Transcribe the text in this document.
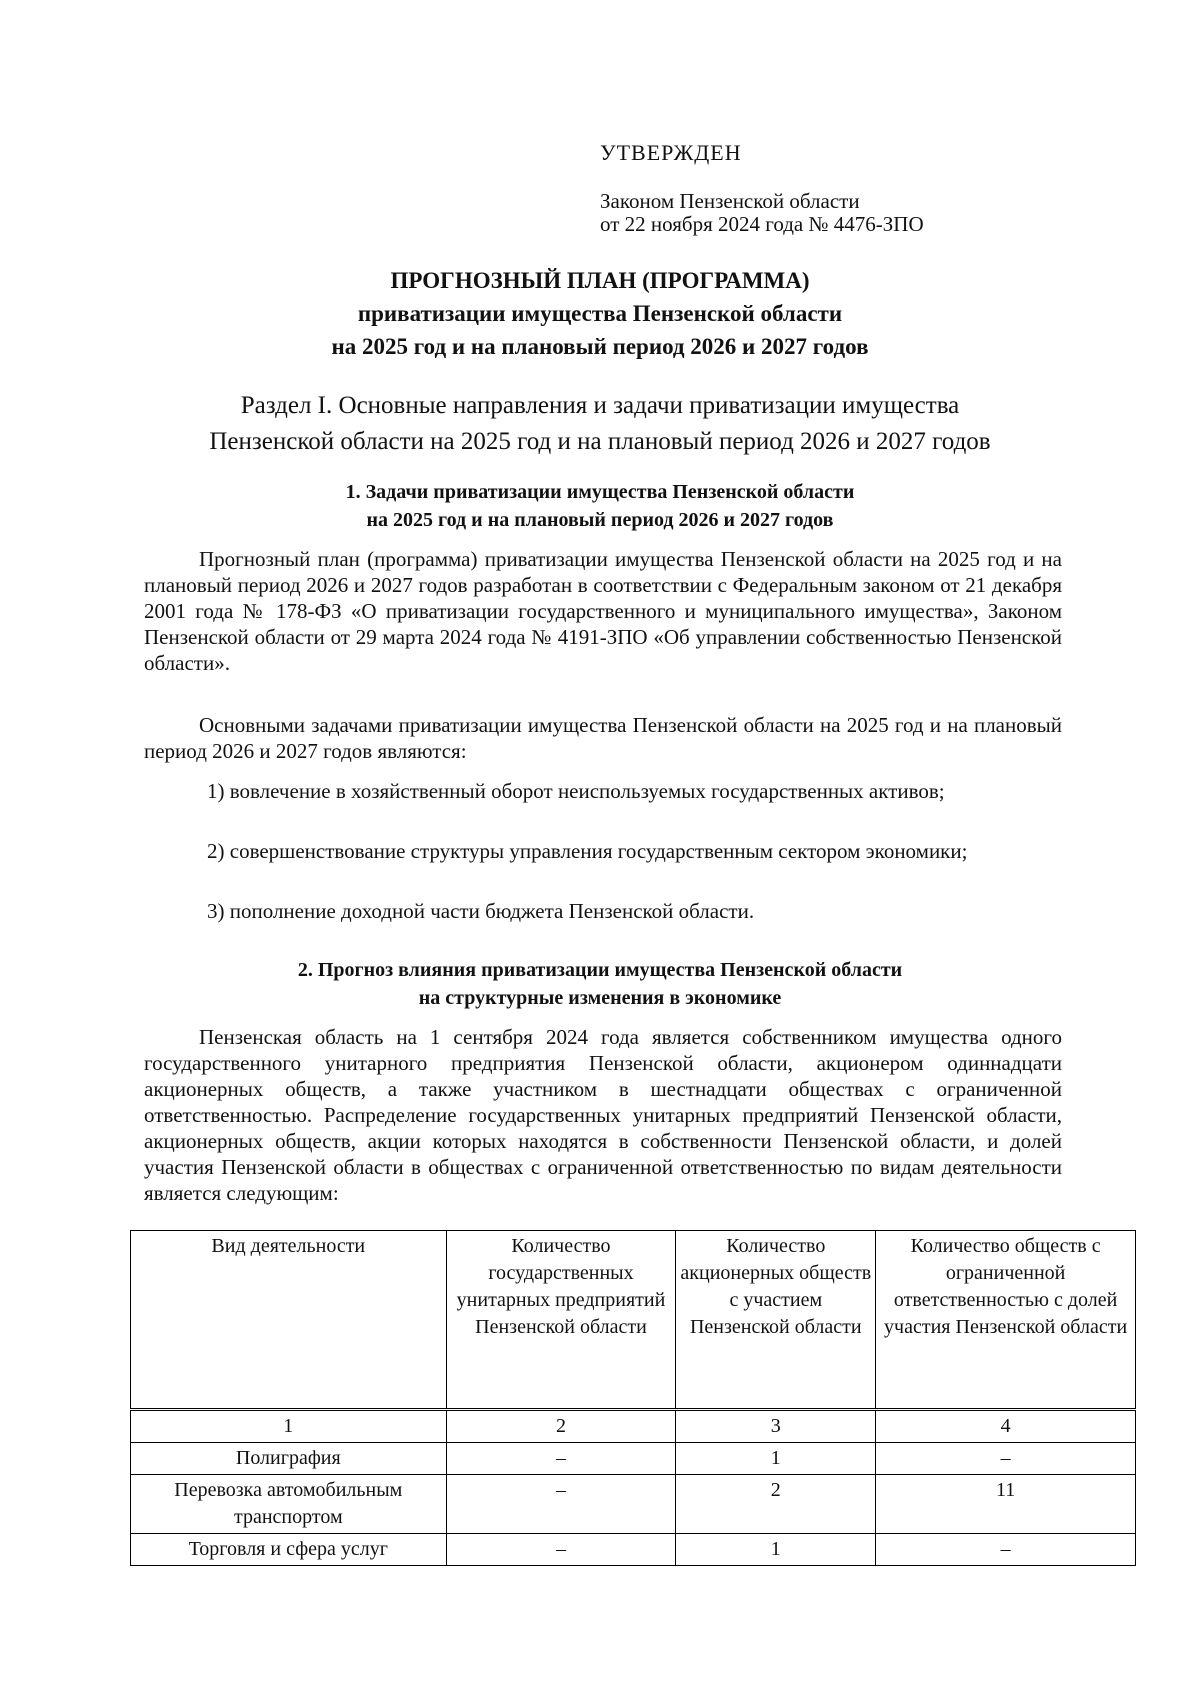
УТВЕРЖДЕН

Законом Пензенской области
от 22 ноября 2024 года № 4476-ЗПО
ПРОГНОЗНЫЙ ПЛАН (ПРОГРАММА)
приватизации имущества Пензенской области
на 2025 год и на плановый период 2026 и 2027 годов
Раздел I. Основные направления и задачи приватизации имущества
Пензенской области на 2025 год и на плановый период 2026 и 2027 годов
1. Задачи приватизации имущества Пензенской области
на 2025 год и на плановый период 2026 и 2027 годов

Прогнозный план (программа) приватизации имущества Пензенской области на 2025 год и на плановый период 2026 и 2027 годов разработан в соответствии с Федеральным законом от 21 декабря 2001 года № 178-ФЗ «О приватизации государственного и муниципального имущества», Законом Пензенской области от 29 марта 2024 года № 4191-ЗПО «Об управлении собственностью Пензенской области».

Основными задачами приватизации имущества Пензенской области на 2025 год и на плановый период 2026 и 2027 годов являются:

1) вовлечение в хозяйственный оборот неиспользуемых государственных активов;

2) совершенствование структуры управления государственным сектором экономики;

3) пополнение доходной части бюджета Пензенской области.

2. Прогноз влияния приватизации имущества Пензенской области
на структурные изменения в экономике

Пензенская область на 1 сентября 2024 года является собственником имущества одного государственного унитарного предприятия Пензенской области, акционером одиннадцати акционерных обществ, а также участником в шестнадцати обществах с ограниченной ответственностью. Распределение государственных унитарных предприятий Пензенской области, акционерных обществ, акции которых находятся в собственности Пензенской области, и долей участия Пензенской области в обществах с ограниченной ответственностью по видам деятельности является следующим:

Вид деятельности	Количество государственных унитарных предприятий Пензенской области	Количество акционерных обществ с участием Пензенской области	Количество обществ с ограниченной ответственностью с долей участия Пензенской области
1	2	3	4
Полиграфия	–	1	–
Перевозка автомобильным транспортом	–	2	11
Торговля и сфера услуг	–	1	–
